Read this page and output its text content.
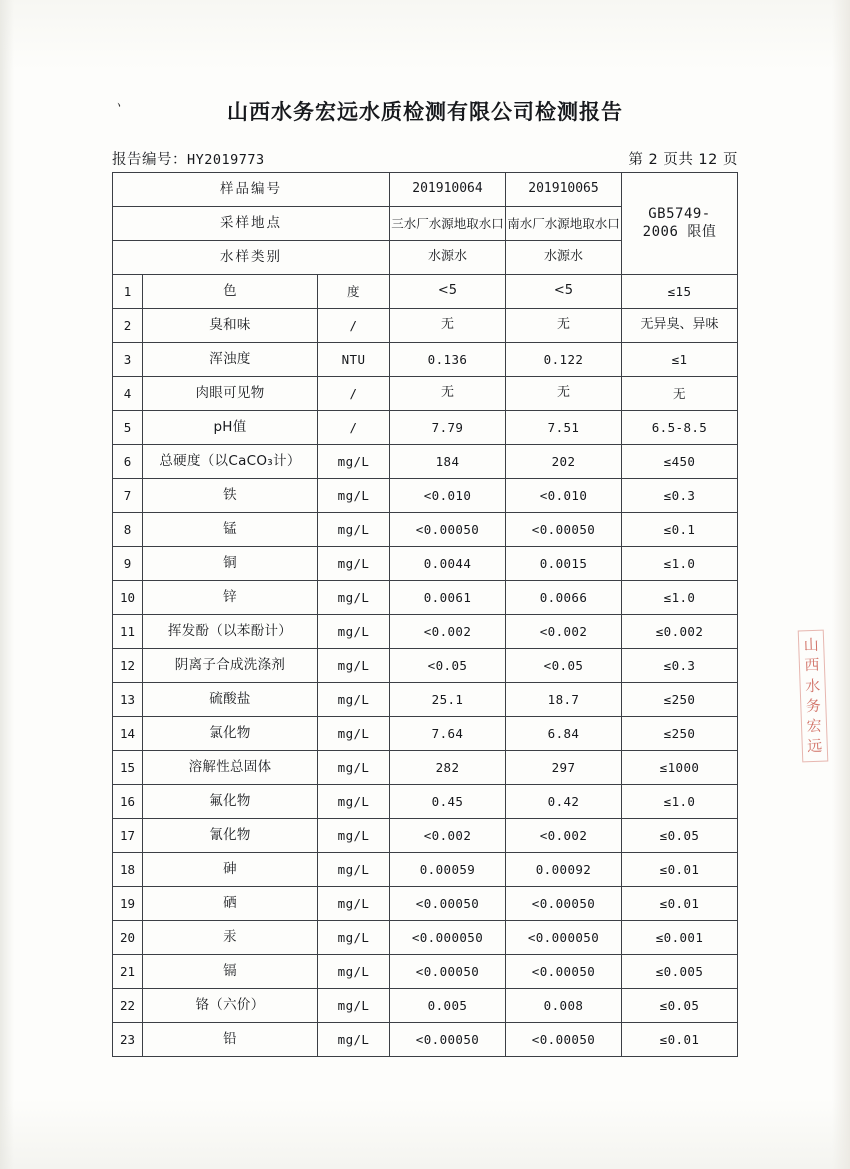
、	山西水务宏远水质检测有限公司检测报告
报告编号：HY2019773	第 2 页共 12 页
样品编号			201910064	201910065	GB5749-
2006 限值

采样地点			三水厂水源地取水口	南水厂水源地取水口	
水样类别			水源水	水源水	
1	色	度	<5	<5	≤15
2	臭和味	/	无	无	无异臭、异味
3	浑浊度	NTU	0.136	0.122	≤1
4	肉眼可见物	/	无	无	无
5	pH值	/	7.79	7.51	6.5-8.5
6	总硬度（以CaCO₃计）	mg/L	184	202	≤450
7	铁	mg/L	<0.010	<0.010	≤0.3
8	锰	mg/L	<0.00050	<0.00050	≤0.1
9	铜	mg/L	0.0044	0.0015	≤1.0
10	锌	mg/L	0.0061	0.0066	≤1.0
11	挥发酚（以苯酚计）	mg/L	<0.002	<0.002	≤0.002
12	阴离子合成洗涤剂	mg/L	<0.05	<0.05	≤0.3
13	硫酸盐	mg/L	25.1	18.7	≤250
14	氯化物	mg/L	7.64	6.84	≤250
15	溶解性总固体	mg/L	282	297	≤1000
16	氟化物	mg/L	0.45	0.42	≤1.0
17	氰化物	mg/L	<0.002	<0.002	≤0.05
18	砷	mg/L	0.00059	0.00092	≤0.01
19	硒	mg/L	<0.00050	<0.00050	≤0.01
20	汞	mg/L	<0.000050	<0.000050	≤0.001
21	镉	mg/L	<0.00050	<0.00050	≤0.005
22	铬（六价）	mg/L	0.005	0.008	≤0.05
23	铅	mg/L	<0.00050	<0.00050	≤0.01
山西水务宏远
